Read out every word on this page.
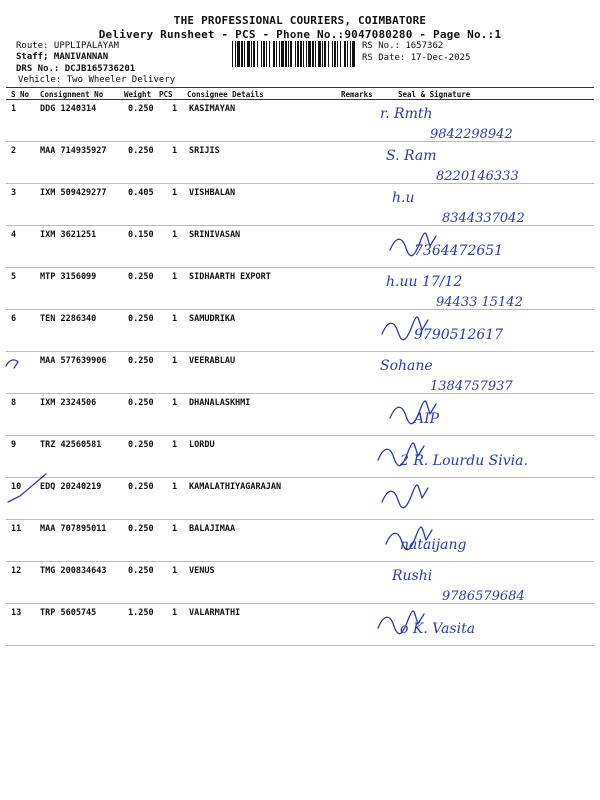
THE PROFESSIONAL COURIERS, COIMBATORE
Delivery Runsheet - PCS - Phone No.:9047080280 - Page No.:1
Route: UPPLIPALAYAM
Staff; MANIVANNAN
DRS No.: DCJB165736201
Vehicle: Two Wheeler Delivery
RS No.: 1657362
RS Date: 17-Dec-2025
S No Consignment No	Weight PCS Consignee Details	Remarks	Seal & Signature
1	DDG 1240314	0.250 1 KASIMAYAN	r. Rmth
9842298942
2	MAA 714935927	0.250 1 SRIJIS	S. Ram
8220146333
3	IXM 509429277	0.405 1 VISHBALAN	h.u
8344337042
4	IXM 3621251	0.150 1 SRINIVASAN
7364472651
5	MTP 3156099	0.250 1 SIDHAARTH EXPORT	h.uu 17/12
94433 15142
6	TEN 2286340	0.250 1 SAMUDRIKA
9790512617
MAA 577639906	0.250 1 VEERABLAU	Sohane
1384757937
8	IXM 2324506	0.250 1 DHANALASKHMI
AIP
9	TRZ 42560581	0.250 1 LORDU
2 R. Lourdu Sivia.
10 EDQ 20240219	0.250 1 KAMALATHIYAGARAJAN
11 MAA 707895011	0.250 1 BALAJIMAA
nataijang
12 TMG 200834643	0.250 1 VENUS	Rushi
9786579684
13 TRP 5605745	1.250 1 VALARMATHI
o K. Vasita
